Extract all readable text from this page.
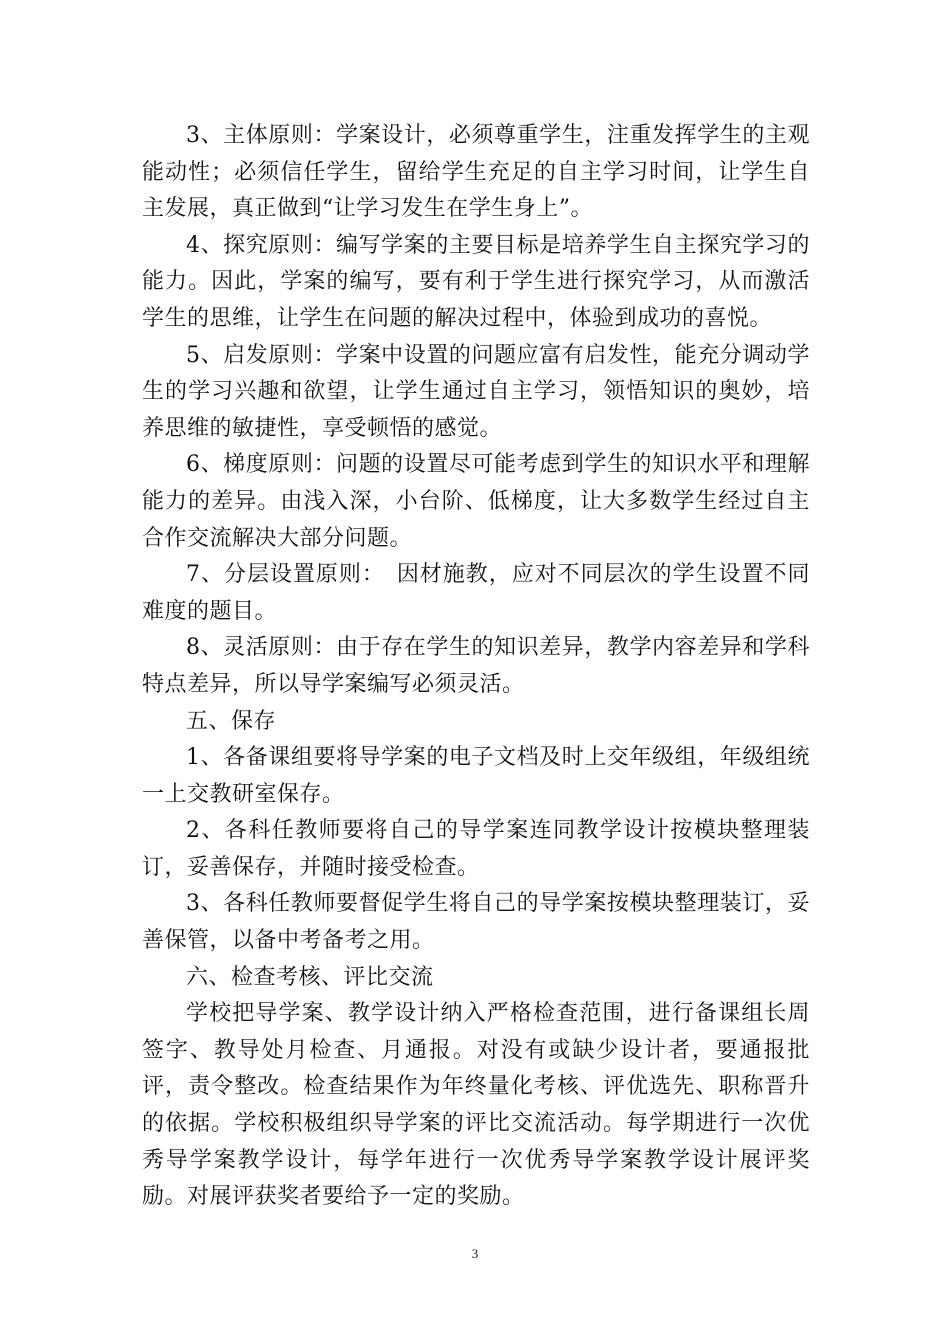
3、主体原则：学案设计，必须尊重学生，注重发挥学生的主观能动性；必须信任学生，留给学生充足的自主学习时间，让学生自主发展，真正做到“让学习发生在学生身上”。

4、探究原则：编写学案的主要目标是培养学生自主探究学习的能力。因此，学案的编写，要有利于学生进行探究学习，从而激活学生的思维，让学生在问题的解决过程中，体验到成功的喜悦。

5、启发原则：学案中设置的问题应富有启发性，能充分调动学生的学习兴趣和欲望，让学生通过自主学习，领悟知识的奥妙，培养思维的敏捷性，享受顿悟的感觉。

6、梯度原则：问题的设置尽可能考虑到学生的知识水平和理解能力的差异。由浅入深，小台阶、低梯度，让大多数学生经过自主合作交流解决大部分问题。

7、分层设置原则：　因材施教，应对不同层次的学生设置不同难度的题目。

8、灵活原则：由于存在学生的知识差异，教学内容差异和学科特点差异，所以导学案编写必须灵活。

五、保存

1、各备课组要将导学案的电子文档及时上交年级组，年级组统一上交教研室保存。

2、各科任教师要将自己的导学案连同教学设计按模块整理装订，妥善保存，并随时接受检查。

3、各科任教师要督促学生将自己的导学案按模块整理装订，妥善保管，以备中考备考之用。

六、检查考核、评比交流

学校把导学案、教学设计纳入严格检查范围，进行备课组长周签字、教导处月检查、月通报。对没有或缺少设计者，要通报批评，责令整改。检查结果作为年终量化考核、评优选先、职称晋升的依据。学校积极组织导学案的评比交流活动。每学期进行一次优秀导学案教学设计，每学年进行一次优秀导学案教学设计展评奖励。对展评获奖者要给予一定的奖励。

3
